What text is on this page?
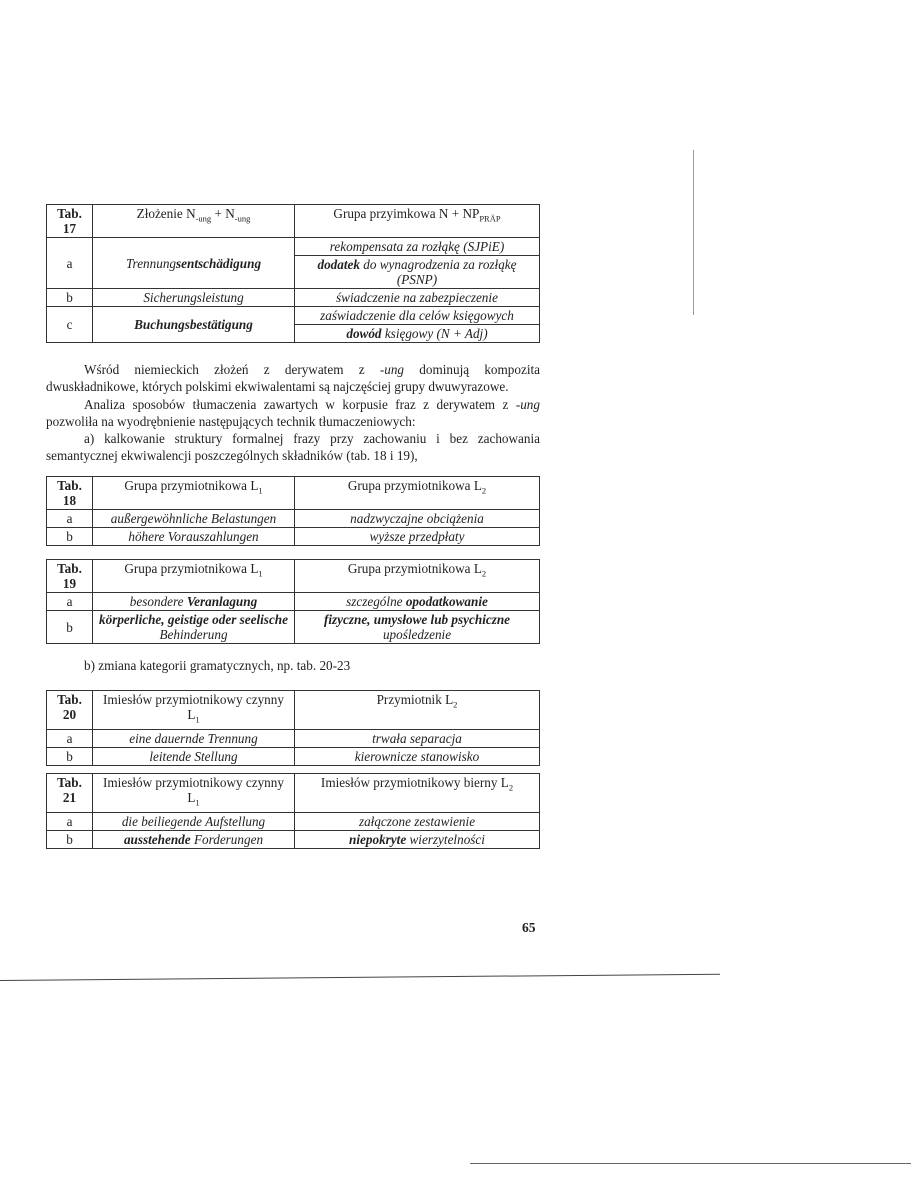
Tab.
17	Złożenie $N_{-ung} + N_{-ung}$	Grupa przyimkowa $N + NP_{PRÄP}$
a	Trennungsentschädigung	rekompensata za rozłąkę (SJPiE)
		dodatek do wynagrodzenia za rozłąkę (PSNP)
b	Sicherungsleistung	świadczenie na zabezpieczenie
c	Buchungsbestätigung	zaświadczenie dla celów księgowych
		dowód księgowy (N + Adj)

Wśród niemieckich złożeń z derywatem z -ung dominują kompozita dwuskładnikowe, których polskimi ekwiwalentami są najczęściej grupy dwuwyrazowe.

Analiza sposobów tłumaczenia zawartych w korpusie fraz z derywatem z -ung pozwoliła na wyodrębnienie następujących technik tłumaczeniowych:

a) kalkowanie struktury formalnej frazy przy zachowaniu i bez zachowania semantycznej ekwiwalencji poszczególnych składników (tab. 18 i 19),

Tab.
18	Grupa przymiotnikowa $L_1$	Grupa przymiotnikowa $L_2$
a	außergewöhnliche Belastungen	nadzwyczajne obciążenia
b	höhere Vorauszahlungen	wyższe przedpłaty
Tab.
19	Grupa przymiotnikowa $L_1$	Grupa przymiotnikowa $L_2$
a	besondere Veranlagung	szczególne opodatkowanie
b	körperliche, geistige oder seelische Behinderung	fizyczne, umysłowe lub psychiczne upośledzenie

b) zmiana kategorii gramatycznych, np. tab. 20-23

Tab.
20	Imiesłów przymiotnikowy czynny $L_1$	Przymiotnik $L_2$
a	eine dauernde Trennung	trwała separacja
b	leitende Stellung	kierownicze stanowisko
Tab.
21	Imiesłów przymiotnikowy czynny $L_1$	Imiesłów przymiotnikowy bierny $L_2$
a	die beiliegende Aufstellung	załączone zestawienie
b	ausstehende Forderungen	niepokryte wierzytelności
65
